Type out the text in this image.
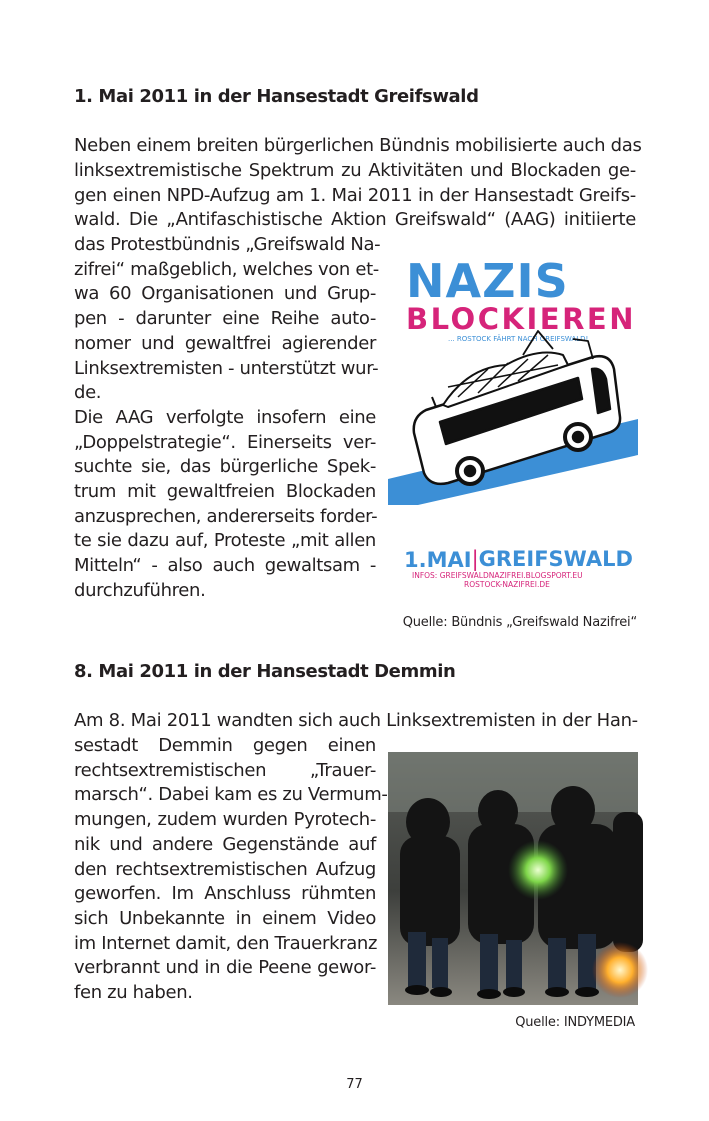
1. Mai 2011 in der Hansestadt Greifswald

Neben einem breiten bürgerlichen Bündnis mobilisierte auch das

linksextremistische Spektrum zu Aktivitäten und Blockaden ge-

gen einen NPD-Aufzug am 1. Mai 2011 in der Hansestadt Greifs-

wald. Die „Antifaschistische Aktion Greifswald“ (AAG) initiierte

das Protestbündnis „Greifswald Na-
zifrei“ maßgeblich, welches von et-
wa 60 Organisationen und Grup-
pen - darunter eine Reihe auto-
nomer und gewaltfrei agierender
Linksextremisten - unterstützt wur-
de.
Die AAG verfolgte insofern eine
„Doppelstrategie“. Einerseits ver-
suchte sie, das bürgerliche Spek-
trum mit gewaltfreien Blockaden
anzusprechen, andererseits forder-
te sie dazu auf, Proteste „mit allen
Mitteln“ - also auch gewaltsam -
durchzuführen.
NAZIS
BLOCKIEREN
... ROSTOCK FÄHRT NACH GREIFSWALD!
1.MAI |GREIFSWALD
INFOS: GREIFSWALDNAZIFREI.BLOGSPORT.EU
ROSTOCK-NAZIFREI.DE
Quelle: Bündnis „Greifswald Nazifrei“
8. Mai 2011 in der Hansestadt Demmin

Am 8. Mai 2011 wandten sich auch Linksextremisten in der Han-

sestadt Demmin gegen einen
rechtsextremistischen „Trauer-
marsch“. Dabei kam es zu Vermum-
mungen, zudem wurden Pyrotech-
nik und andere Gegenstände auf
den rechtsextremistischen Aufzug
geworfen. Im Anschluss rühmten
sich Unbekannte in einem Video
im Internet damit, den Trauerkranz
verbrannt und in die Peene gewor-
fen zu haben.
Quelle: INDYMEDIA
77
